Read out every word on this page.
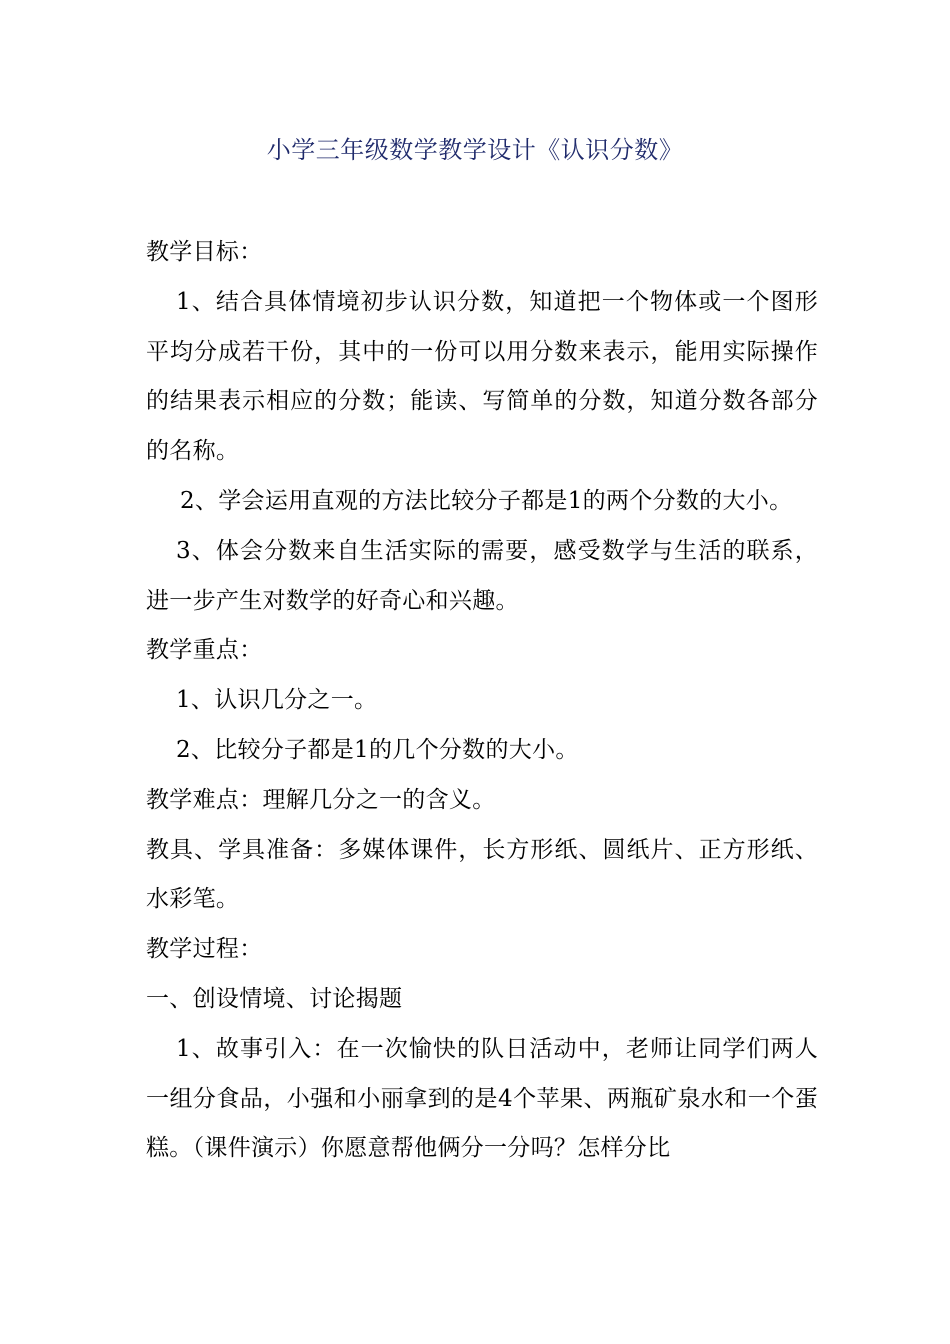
小学三年级数学教学设计《认识分数》

教学目标：

1、结合具体情境初步认识分数，知道把一个物体或一个图形平均分成若干份，其中的一份可以用分数来表示，能用实际操作的结果表示相应的分数；能读、写简单的分数，知道分数各部分的名称。

2、学会运用直观的方法比较分子都是1的两个分数的大小。

3、体会分数来自生活实际的需要，感受数学与生活的联系，进一步产生对数学的好奇心和兴趣。

教学重点：

1、认识几分之一。

2、比较分子都是1的几个分数的大小。

教学难点：理解几分之一的含义。

教具、学具准备：多媒体课件，长方形纸、圆纸片、正方形纸、水彩笔。

教学过程：

一、创设情境、讨论揭题

1、故事引入：在一次愉快的队日活动中，老师让同学们两人一组分食品，小强和小丽拿到的是4个苹果、两瓶矿泉水和一个蛋糕。（课件演示）你愿意帮他俩分一分吗？怎样分比
